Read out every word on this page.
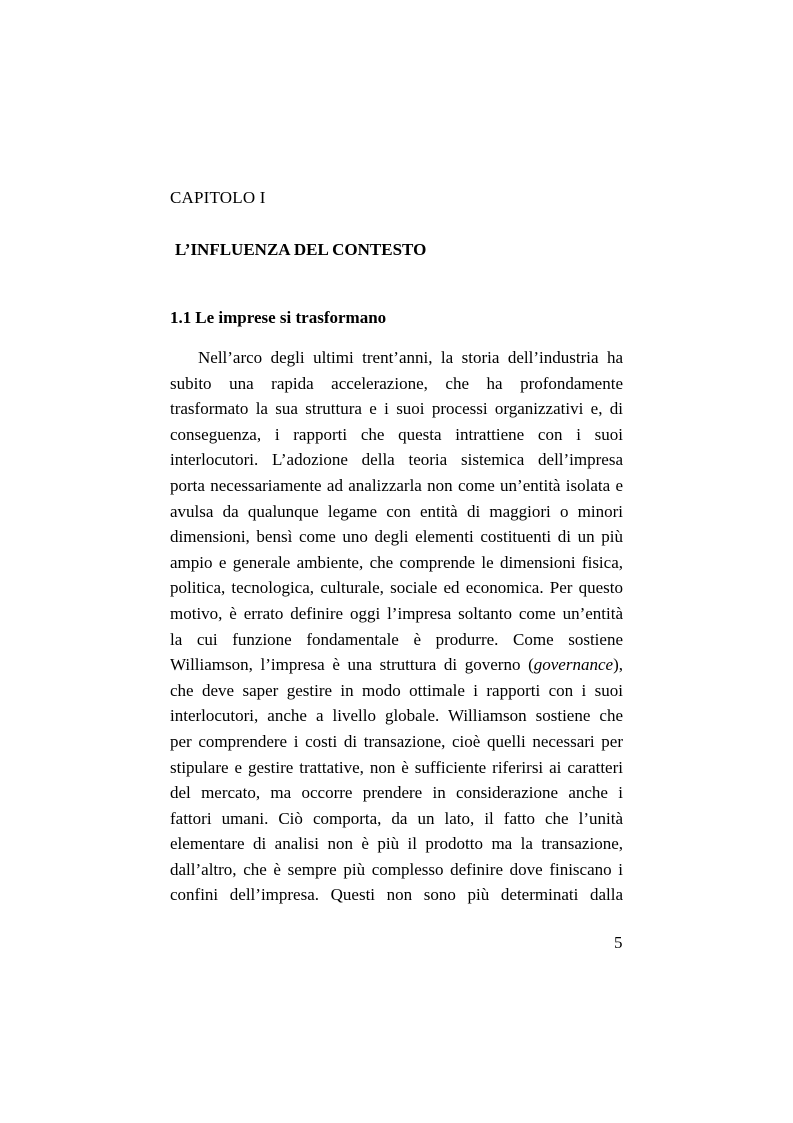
CAPITOLO I
L’INFLUENZA DEL CONTESTO
1.1 Le imprese si trasformano
Nell’arco degli ultimi trent’anni, la storia dell’industria ha
subito una rapida accelerazione, che ha profondamente
trasformato la sua struttura e i suoi processi organizzativi e, di
conseguenza, i rapporti che questa intrattiene con i suoi
interlocutori. L’adozione della teoria sistemica dell’impresa
porta necessariamente ad analizzarla non come un’entità isolata e
avulsa da qualunque legame con entità di maggiori o minori
dimensioni, bensì come uno degli elementi costituenti di un più
ampio e generale ambiente, che comprende le dimensioni fisica,
politica, tecnologica, culturale, sociale ed economica. Per questo
motivo, è errato definire oggi l’impresa soltanto come un’entità
la cui funzione fondamentale è produrre. Come sostiene
Williamson, l’impresa è una struttura di governo (governance),
che deve saper gestire in modo ottimale i rapporti con i suoi
interlocutori, anche a livello globale. Williamson sostiene che
per comprendere i costi di transazione, cioè quelli necessari per
stipulare e gestire trattative, non è sufficiente riferirsi ai caratteri
del mercato, ma occorre prendere in considerazione anche i
fattori umani. Ciò comporta, da un lato, il fatto che l’unità
elementare di analisi non è più il prodotto ma la transazione,
dall’altro, che è sempre più complesso definire dove finiscano i
confini dell’impresa. Questi non sono più determinati dalla
5
